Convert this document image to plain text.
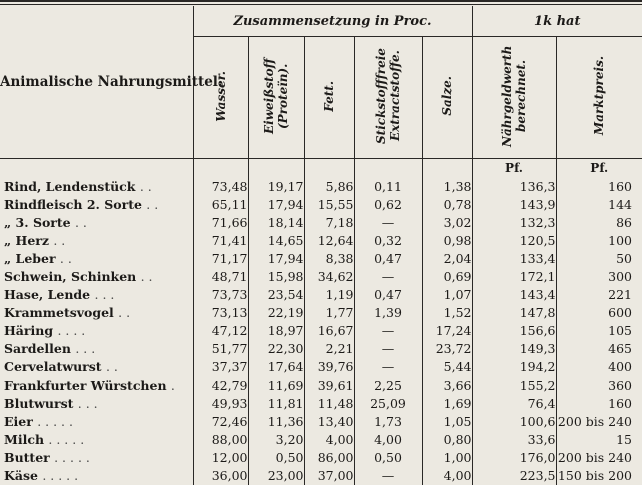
Animalische Nahrungsmittel.	Zusammensetzung in Proc.					1k hat	
	Wasser.	Eiweißstoff (Proteïn).	Fett.	Stickstofffreie Extractstoffe.	Salze.	Nährgeldwerth berechnet.	Marktpreis.
						Pf.	Pf.
Rind, Lendenstück . .	73,48	19,17	5,86	0,11	1,38	136,3	160
Rindfleisch 2. Sorte . .	65,11	17,94	15,55	0,62	0,78	143,9	144
„ 3. Sorte . .	71,66	18,14	7,18	—	3,02	132,3	86
„ Herz . .	71,41	14,65	12,64	0,32	0,98	120,5	100
„ Leber . .	71,17	17,94	8,38	0,47	2,04	133,4	50
Schwein, Schinken . .	48,71	15,98	34,62	—	0,69	172,1	300
Hase, Lende . . .	73,73	23,54	1,19	0,47	1,07	143,4	221
Krammetsvogel . .	73,13	22,19	1,77	1,39	1,52	147,8	600
Häring . . . .	47,12	18,97	16,67	—	17,24	156,6	105
Sardellen . . .	51,77	22,30	2,21	—	23,72	149,3	465
Cervelatwurst . .	37,37	17,64	39,76	—	5,44	194,2	400
Frankfurter Würstchen .	42,79	11,69	39,61	2,25	3,66	155,2	360
Blutwurst . . .	49,93	11,81	11,48	25,09	1,69	76,4	160
Eier . . . . .	72,46	11,36	13,40	1,73	1,05	100,6	200 bis 240
Milch . . . . .	88,00	3,20	4,00	4,00	0,80	33,6	15
Butter . . . . .	12,00	0,50	86,00	0,50	1,00	176,0	200 bis 240
Käse . . . . .	36,00	23,00	37,00	—	4,00	223,5	150 bis 200
